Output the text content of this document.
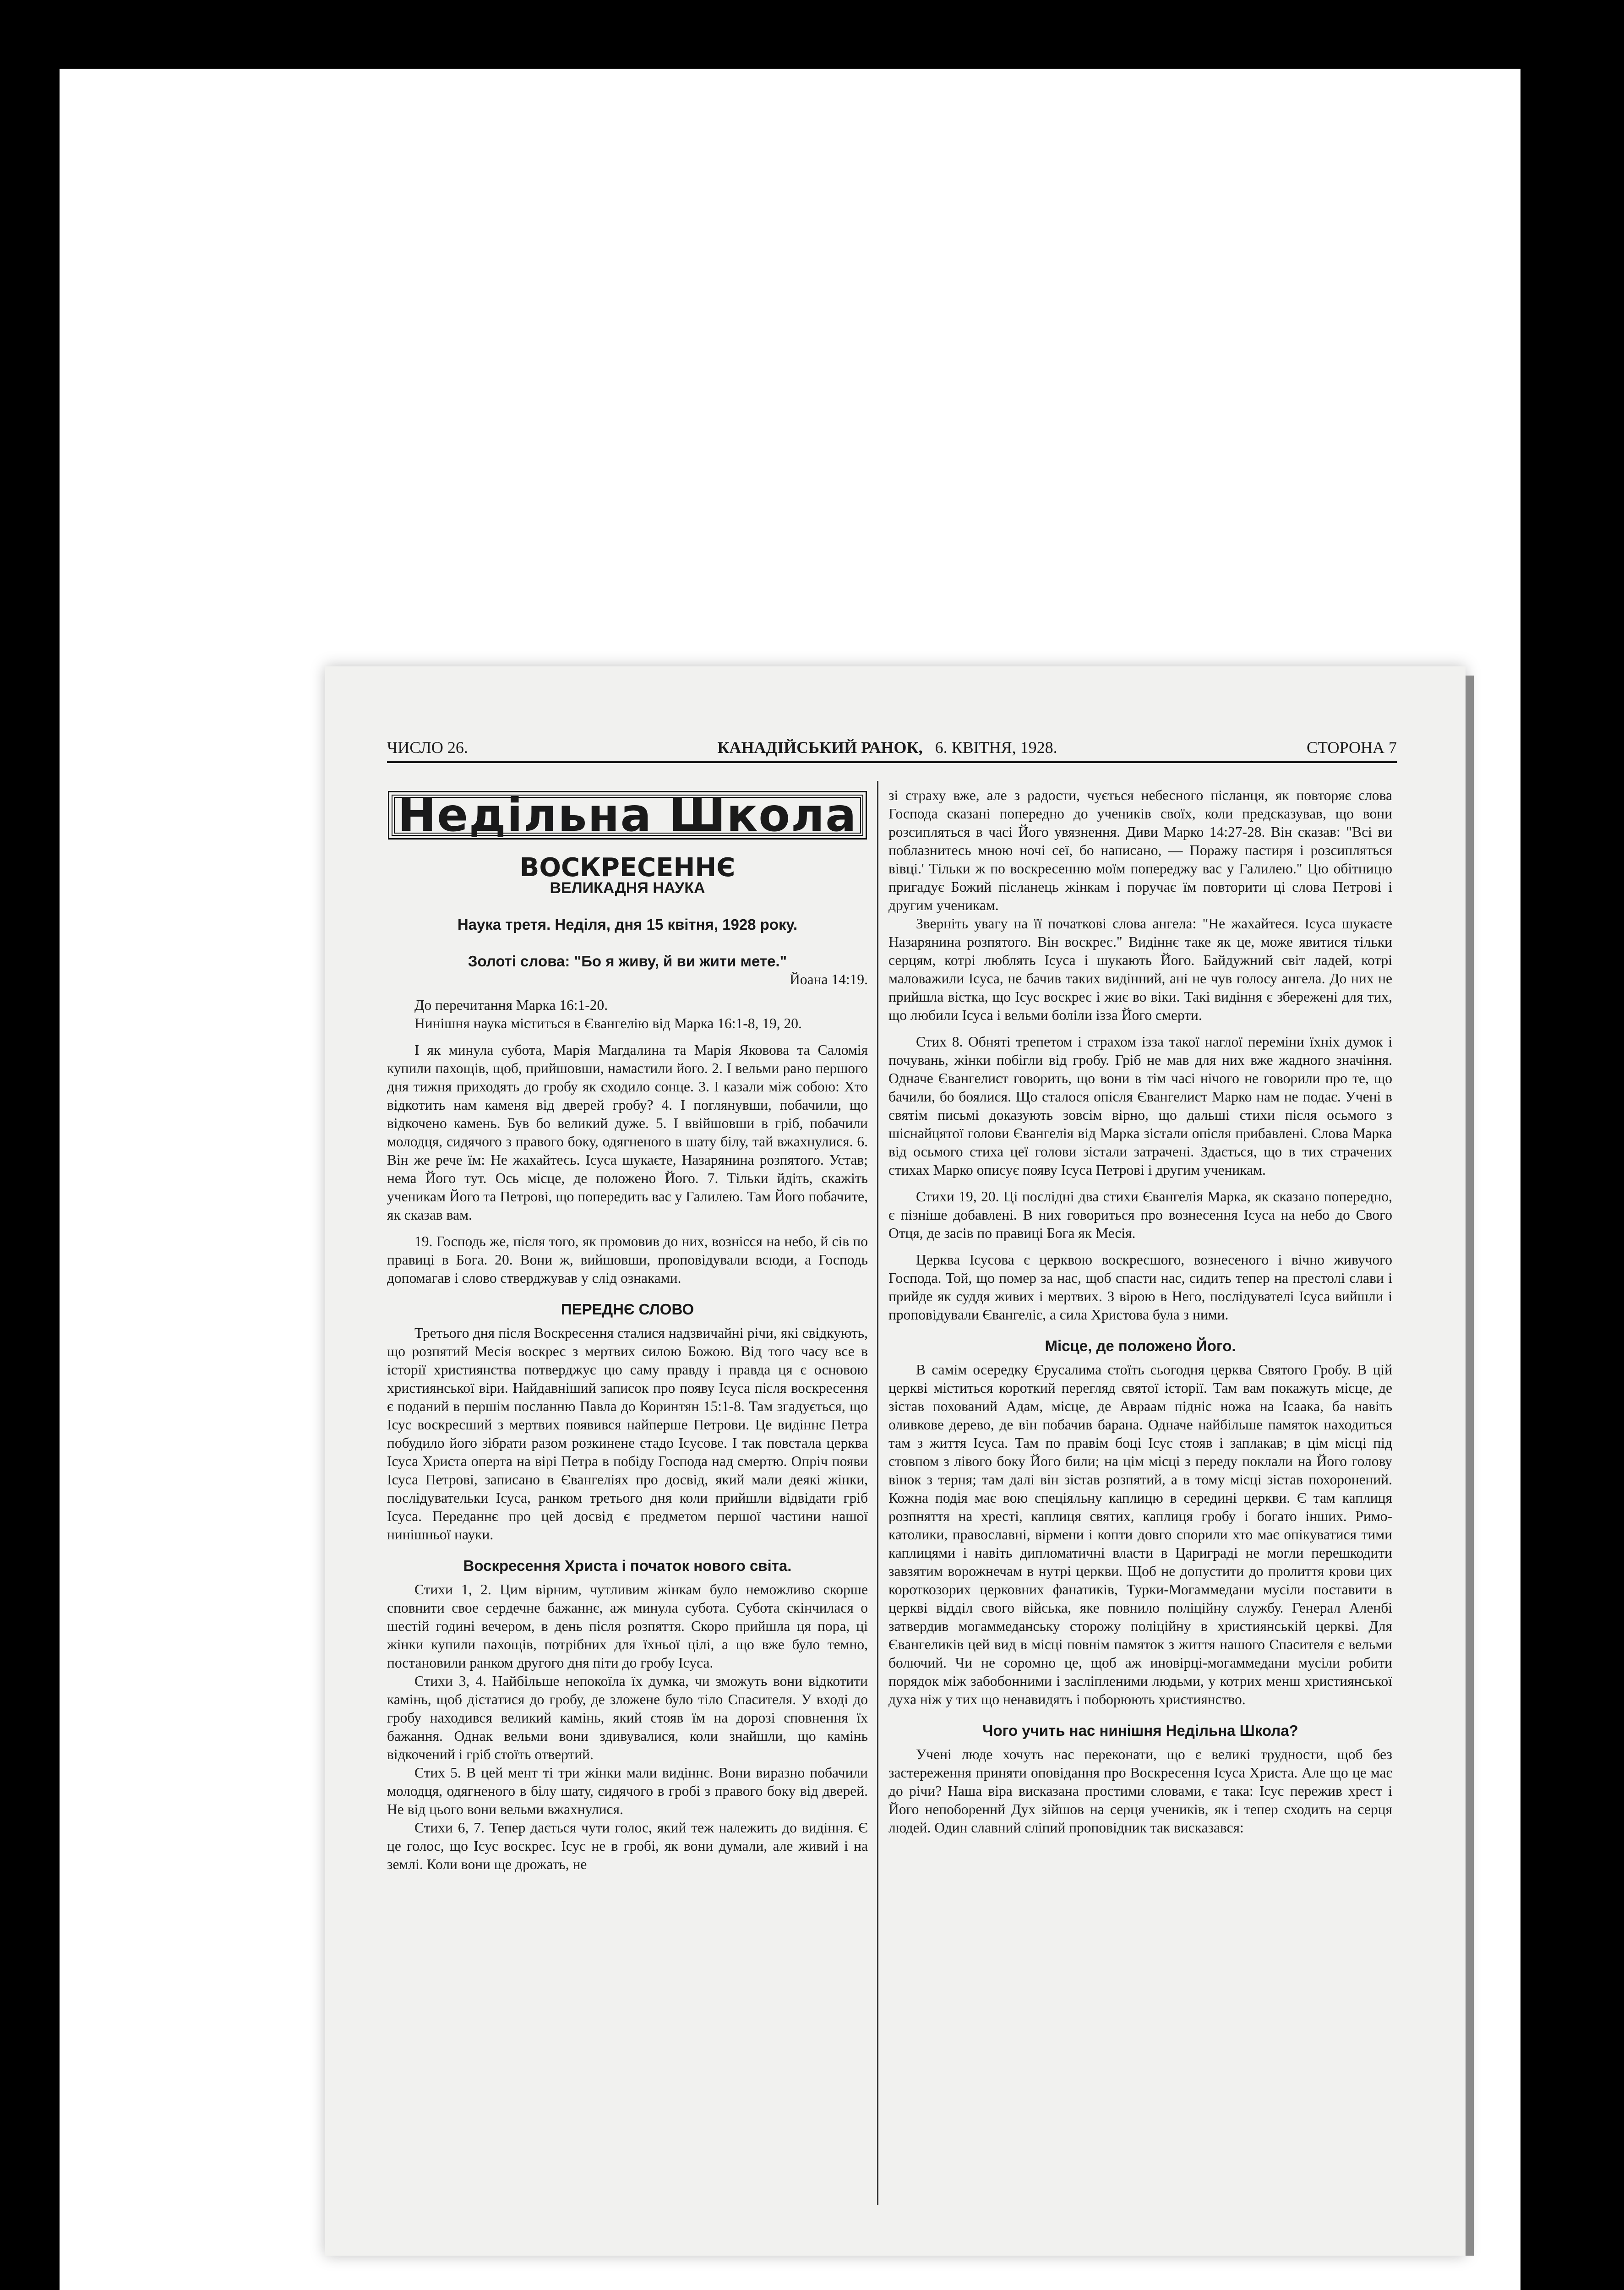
ЧИСЛО 26.	КАНАДІЙСЬКИЙ РАНОК, 6. КВІТНЯ, 1928.	СТОРОНА 7
Недільна Школа
ВОСКРЕСЕННЄ
ВЕЛИКАДНЯ НАУКА
Наука третя. Неділя, дня 15 квітня, 1928 року.
Золоті слова: "Бо я живу, й ви жити мете."
Йоана 14:19.

До перечитання Марка 16:1-20.

Нинішня наука міститься в Євангелію від Марка 16:1-8, 19, 20.

І як минула субота, Марія Магдалина та Марія Яковова та Саломія купили пахощів, щоб, прийшовши, намастили його. 2. І вельми рано першого дня тижня приходять до гробу як сходило сонце. 3. І казали між собою: Хто відкотить нам каменя від дверей гробу? 4. І поглянувши, побачили, що відкочено камень. Був бо великий дуже. 5. І ввійшовши в гріб, побачили молодця, сидячого з правого боку, одягненого в шату білу, тай вжахнулися. 6. Він же рече їм: Не жахайтесь. Ісуса шукаєте, Назарянина розпятого. Устав; нема Його тут. Ось місце, де положено Його. 7. Тільки йдіть, скажіть ученикам Його та Петрові, що попередить вас у Галилею. Там Його побачите, як сказав вам.

19. Господь же, після того, як промовив до них, вознісся на небо, й сів по правиці в Бога. 20. Вони ж, вийшовши, проповідували всюди, а Господь допомагав і слово стверджував у слід ознаками.

ПЕРЕДНЄ СЛОВО

Третього дня після Воскресення сталися надзвичайні річи, які свідкують, що розпятий Месія воскрес з мертвих силою Божою. Від того часу все в історії християнства потверджує цю саму правду і правда ця є основою християнської віри. Найдавніший записок про появу Ісуса після воскресення є поданий в першім посланню Павла до Коринтян 15:1-8. Там згадується, що Ісус воскресший з мертвих появився найперше Петрови. Це видіннє Петра побудило його зібрати разом розкинене стадо Ісусове. І так повстала церква Ісуса Христа оперта на вірі Петра в побіду Господа над смертю. Опріч появи Ісуса Петрові, записано в Євангеліях про досвід, який мали деякі жінки, послідувательки Ісуса, ранком третього дня коли прийшли відвідати гріб Ісуса. Переданнє про цей досвід є предметом першої частини нашої нинішньої науки.

Воскресення Христа і початок нового світа.

Стихи 1, 2. Цим вірним, чутливим жінкам було неможливо скорше сповнити свое сердечне бажаннє, аж минула субота. Субота скінчилася о шестій годині вечером, в день після розпяття. Скоро прийшла ця пора, ці жінки купили пахощів, потрібних для їхньої цілі, а що вже було темно, постановили ранком другого дня піти до гробу Ісуса.

Стихи 3, 4. Найбільше непокоїла їх думка, чи зможуть вони відкотити камінь, щоб дістатися до гробу, де зложене було тіло Спасителя. У вході до гробу находився великий камінь, який стояв їм на дорозі сповнення їх бажання. Однак вельми вони здивувалися, коли знайшли, що камінь відкочений і гріб стоїть отвертий.

Стих 5. В цей мент ті три жінки мали видіннє. Вони виразно побачили молодця, одягненого в білу шату, сидячого в гробі з правого боку від дверей. Не від цього вони вельми вжахнулися.

Стихи 6, 7. Тепер дається чути голос, який теж належить до видіння. Є це голос, що Ісус воскрес. Ісус не в гробі, як вони думали, але живий і на землі. Коли вони ще дрожать, не

зі страху вже, але з радости, чується небесного післанця, як повторяє слова Господа сказані попередно до учеників своїх, коли предсказував, що вони розсипляться в часі Його увязнення. Диви Марко 14:27-28. Він сказав: "Всі ви поблазнитесь мною ночі сеї, бо написано, — Поражу пастиря і розсипляться вівці.' Тільки ж по воскресенню моїм попереджу вас у Галилею." Цю обітницю пригадує Божий післанець жінкам і поручає їм повторити ці слова Петрові і другим ученикам.

Зверніть увагу на її початкові слова ангела: "Не жахайтеся. Ісуса шукаєте Назарянина розпятого. Він воскрес." Видіннє таке як це, може явитися тільки серцям, котрі люблять Ісуса і шукають Його. Байдужний світ ладей, котрі маловажили Ісуса, не бачив таких видінний, ані не чув голосу ангела. До них не прийшла вістка, що Ісус воскрес і жиє во віки. Такі видіння є збережені для тих, що любили Ісуса і вельми боліли ізза Його смерти.

Стих 8. Обняті трепетом і страхом ізза такої наглої переміни їхніх думок і почувань, жінки побігли від гробу. Гріб не мав для них вже жадного значіння. Одначе Євангелист говорить, що вони в тім часі нічого не говорили про те, що бачили, бо боялися. Що сталося опісля Євангелист Марко нам не подає. Учені в святім письмі доказують зовсім вірно, що дальші стихи після осьмого з шіснайцятої голови Євангелія від Марка зістали опісля прибавлені. Слова Марка від осьмого стиха цеї голови зістали затрачені. Здається, що в тих страчених стихах Марко описує появу Ісуса Петрові і другим ученикам.

Стихи 19, 20. Ці послідні два стихи Євангелія Марка, як сказано попередно, є пізніше добавлені. В них говориться про вознесення Ісуса на небо до Свого Отця, де засів по правиці Бога як Месія.

Церква Ісусова є церквою воскресшого, вознесеного і вічно живучого Господа. Той, що помер за нас, щоб спасти нас, сидить тепер на престолі слави і прийде як суддя живих і мертвих. З вірою в Него, послідувателі Ісуса вийшли і проповідували Євангеліє, а сила Христова була з ними.

Місце, де положено Його.

В самім осередку Єрусалима стоїть сьогодня церква Святого Гробу. В цій церкві міститься короткий перегляд святої історії. Там вам покажуть місце, де зістав похований Адам, місце, де Авраам підніс ножа на Ісаака, ба навіть оливкове дерево, де він побачив барана. Одначе найбільше памяток находиться там з життя Ісуса. Там по правім боці Ісус стояв і заплакав; в цім місці під стовпом з лівого боку Його били; на цім місці з переду поклали на Його голову вінок з терня; там далі він зістав розпятий, а в тому місці зістав похоронений. Кожна подія має вою спеціяльну каплицю в середині церкви. Є там каплиця розпняття на хресті, каплиця святих, каплиця гробу і богато інших. Римо-католики, православні, вірмени і копти довго спорили хто має опікуватися тими каплицями і навіть дипломатичні власти в Цариграді не могли перешкодити завзятим ворожнечам в нутрі церкви. Щоб не допустити до пролиття крови цих короткозорих церковних фанатиків, Турки-Могаммедани мусіли поставити в церкві відділ свого війська, яке повнило поліційну службу. Генерал Аленбі затвердив могаммеданську сторожу поліційну в християнській церкві. Для Євангеликів цей вид в місці повнім памяток з життя нашого Спасителя є вельми болючий. Чи не соромно це, щоб аж иновірці-могаммедани мусіли робити порядок між забобонними і засліпленими людьми, у котрих менш християнської духа ніж у тих що ненавидять і поборюють християнство.

Чого учить нас нинішня Недільна Школа?

Учені люде хочуть нас переконати, що є великі трудности, щоб без застереження приняти оповідання про Воскресення Ісуса Христа. Але що це має до річи? Наша віра висказана простими словами, є така: Ісус пережив хрест і Його непобореннй Дух зійшов на серця учеників, як і тепер сходить на серця людей. Один славний сліпий проповідник так висказався:
